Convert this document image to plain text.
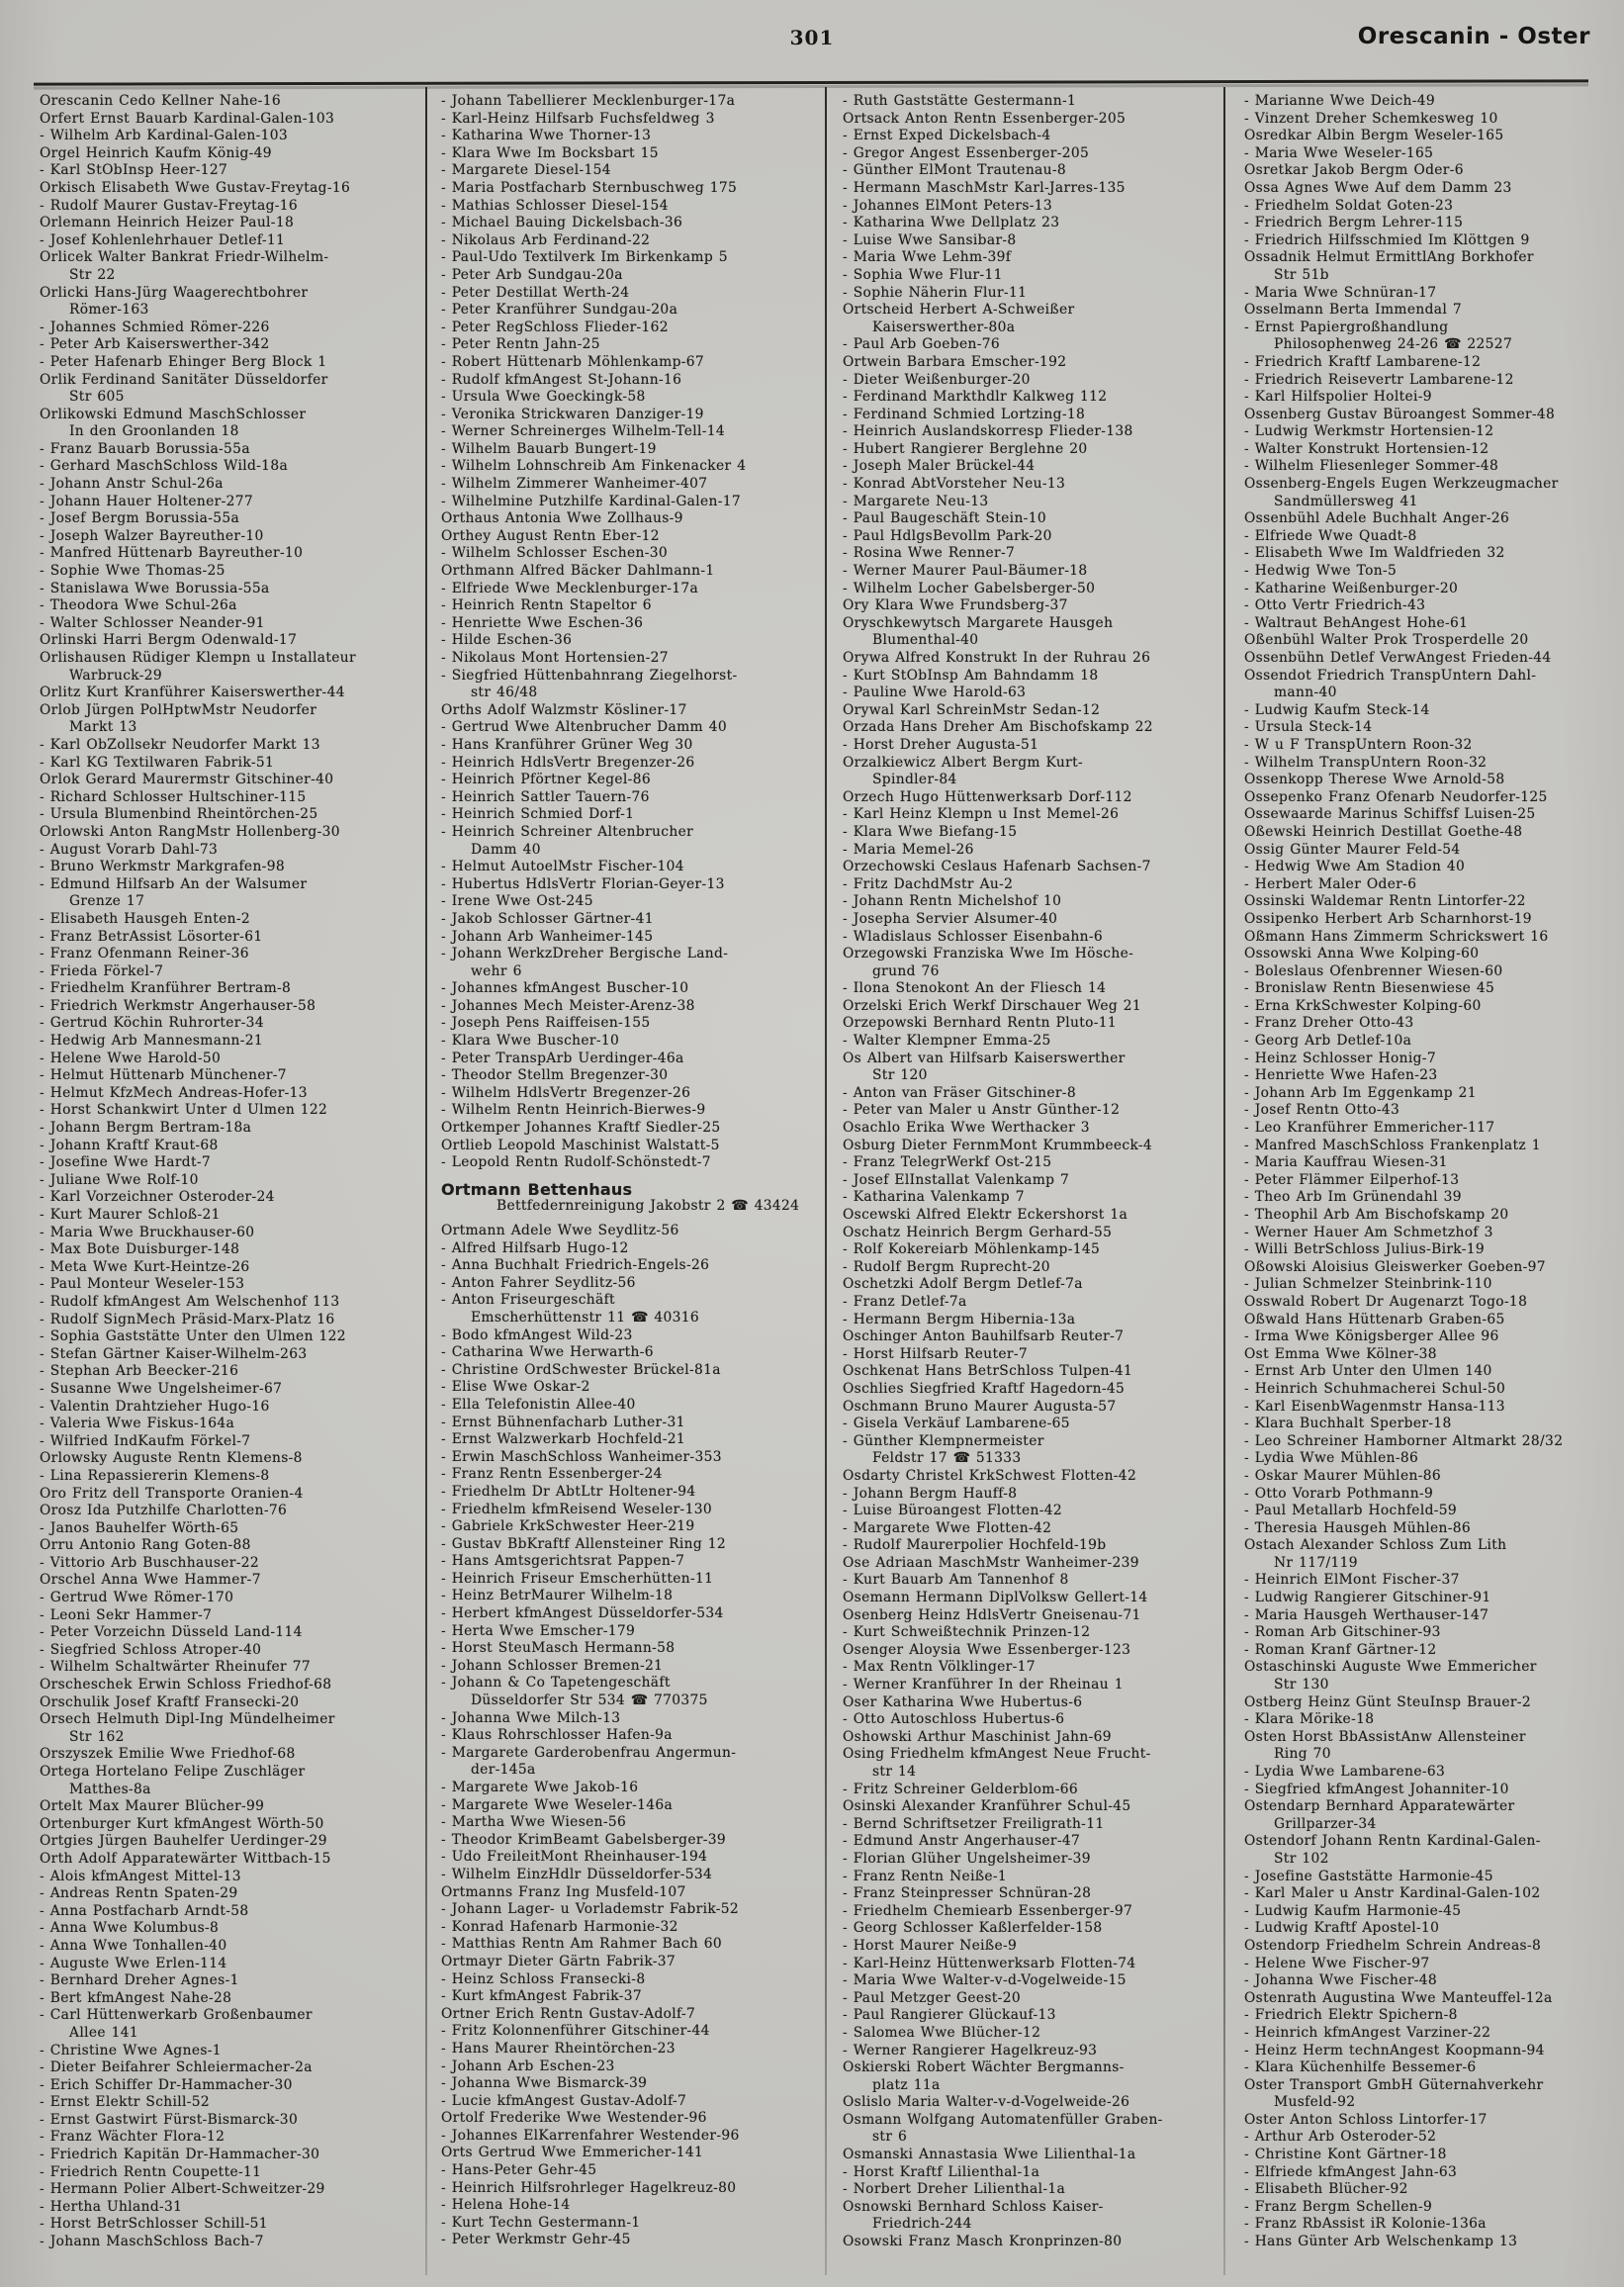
301	Orescanin - Oster
Orescanin Cedo Kellner Nahe-16
Orfert Ernst Bauarb Kardinal-Galen-103
- Wilhelm Arb Kardinal-Galen-103
Orgel Heinrich Kaufm König-49
- Karl StObInsp Heer-127
Orkisch Elisabeth Wwe Gustav-Freytag-16
- Rudolf Maurer Gustav-Freytag-16
Orlemann Heinrich Heizer Paul-18
- Josef Kohlenlehrhauer Detlef-11
Orlicek Walter Bankrat Friedr-Wilhelm-
Str 22
Orlicki Hans-Jürg Waagerechtbohrer
Römer-163
- Johannes Schmied Römer-226
- Peter Arb Kaiserswerther-342
- Peter Hafenarb Ehinger Berg Block 1
Orlik Ferdinand Sanitäter Düsseldorfer
Str 605
Orlikowski Edmund MaschSchlosser
In den Groonlanden 18
- Franz Bauarb Borussia-55a
- Gerhard MaschSchloss Wild-18a
- Johann Anstr Schul-26a
- Johann Hauer Holtener-277
- Josef Bergm Borussia-55a
- Joseph Walzer Bayreuther-10
- Manfred Hüttenarb Bayreuther-10
- Sophie Wwe Thomas-25
- Stanislawa Wwe Borussia-55a
- Theodora Wwe Schul-26a
- Walter Schlosser Neander-91
Orlinski Harri Bergm Odenwald-17
Orlishausen Rüdiger Klempn u Installateur
Warbruck-29
Orlitz Kurt Kranführer Kaiserswerther-44
Orlob Jürgen PolHptwMstr Neudorfer
Markt 13
- Karl ObZollsekr Neudorfer Markt 13
- Karl KG Textilwaren Fabrik-51
Orlok Gerard Maurermstr Gitschiner-40
- Richard Schlosser Hultschiner-115
- Ursula Blumenbind Rheintörchen-25
Orlowski Anton RangMstr Hollenberg-30
- August Vorarb Dahl-73
- Bruno Werkmstr Markgrafen-98
- Edmund Hilfsarb An der Walsumer
Grenze 17
- Elisabeth Hausgeh Enten-2
- Franz BetrAssist Lösorter-61
- Franz Ofenmann Reiner-36
- Frieda Förkel-7
- Friedhelm Kranführer Bertram-8
- Friedrich Werkmstr Angerhauser-58
- Gertrud Köchin Ruhrorter-34
- Hedwig Arb Mannesmann-21
- Helene Wwe Harold-50
- Helmut Hüttenarb Münchener-7
- Helmut KfzMech Andreas-Hofer-13
- Horst Schankwirt Unter d Ulmen 122
- Johann Bergm Bertram-18a
- Johann Kraftf Kraut-68
- Josefine Wwe Hardt-7
- Juliane Wwe Rolf-10
- Karl Vorzeichner Osteroder-24
- Kurt Maurer Schloß-21
- Maria Wwe Bruckhauser-60
- Max Bote Duisburger-148
- Meta Wwe Kurt-Heintze-26
- Paul Monteur Weseler-153
- Rudolf kfmAngest Am Welschenhof 113
- Rudolf SignMech Präsid-Marx-Platz 16
- Sophia Gaststätte Unter den Ulmen 122
- Stefan Gärtner Kaiser-Wilhelm-263
- Stephan Arb Beecker-216
- Susanne Wwe Ungelsheimer-67
- Valentin Drahtzieher Hugo-16
- Valeria Wwe Fiskus-164a
- Wilfried IndKaufm Förkel-7
Orlowsky Auguste Rentn Klemens-8
- Lina Repassiererin Klemens-8
Oro Fritz dell Transporte Oranien-4
Orosz Ida Putzhilfe Charlotten-76
- Janos Bauhelfer Wörth-65
Orru Antonio Rang Goten-88
- Vittorio Arb Buschhauser-22
Orschel Anna Wwe Hammer-7
- Gertrud Wwe Römer-170
- Leoni Sekr Hammer-7
- Peter Vorzeichn Düsseld Land-114
- Siegfried Schloss Atroper-40
- Wilhelm Schaltwärter Rheinufer 77
Orscheschek Erwin Schloss Friedhof-68
Orschulik Josef Kraftf Fransecki-20
Orsech Helmuth Dipl-Ing Mündelheimer
Str 162
Orszyszek Emilie Wwe Friedhof-68
Ortega Hortelano Felipe Zuschläger
Matthes-8a
Ortelt Max Maurer Blücher-99
Ortenburger Kurt kfmAngest Wörth-50
Ortgies Jürgen Bauhelfer Uerdinger-29
Orth Adolf Apparatewärter Wittbach-15
- Alois kfmAngest Mittel-13
- Andreas Rentn Spaten-29
- Anna Postfacharb Arndt-58
- Anna Wwe Kolumbus-8
- Anna Wwe Tonhallen-40
- Auguste Wwe Erlen-114
- Bernhard Dreher Agnes-1
- Bert kfmAngest Nahe-28
- Carl Hüttenwerkarb Großenbaumer
Allee 141
- Christine Wwe Agnes-1
- Dieter Beifahrer Schleiermacher-2a
- Erich Schiffer Dr-Hammacher-30
- Ernst Elektr Schill-52
- Ernst Gastwirt Fürst-Bismarck-30
- Franz Wächter Flora-12
- Friedrich Kapitän Dr-Hammacher-30
- Friedrich Rentn Coupette-11
- Hermann Polier Albert-Schweitzer-29
- Hertha Uhland-31
- Horst BetrSchlosser Schill-51
- Johann MaschSchloss Bach-7
- Johann Tabellierer Mecklenburger-17a
- Karl-Heinz Hilfsarb Fuchsfeldweg 3
- Katharina Wwe Thorner-13
- Klara Wwe Im Bocksbart 15
- Margarete Diesel-154
- Maria Postfacharb Sternbuschweg 175
- Mathias Schlosser Diesel-154
- Michael Bauing Dickelsbach-36
- Nikolaus Arb Ferdinand-22
- Paul-Udo Textilverk Im Birkenkamp 5
- Peter Arb Sundgau-20a
- Peter Destillat Werth-24
- Peter Kranführer Sundgau-20a
- Peter RegSchloss Flieder-162
- Peter Rentn Jahn-25
- Robert Hüttenarb Möhlenkamp-67
- Rudolf kfmAngest St-Johann-16
- Ursula Wwe Goeckingk-58
- Veronika Strickwaren Danziger-19
- Werner Schreinerges Wilhelm-Tell-14
- Wilhelm Bauarb Bungert-19
- Wilhelm Lohnschreib Am Finkenacker 4
- Wilhelm Zimmerer Wanheimer-407
- Wilhelmine Putzhilfe Kardinal-Galen-17
Orthaus Antonia Wwe Zollhaus-9
Orthey August Rentn Eber-12
- Wilhelm Schlosser Eschen-30
Orthmann Alfred Bäcker Dahlmann-1
- Elfriede Wwe Mecklenburger-17a
- Heinrich Rentn Stapeltor 6
- Henriette Wwe Eschen-36
- Hilde Eschen-36
- Nikolaus Mont Hortensien-27
- Siegfried Hüttenbahnrang Ziegelhorst-
str 46/48
Orths Adolf Walzmstr Kösliner-17
- Gertrud Wwe Altenbrucher Damm 40
- Hans Kranführer Grüner Weg 30
- Heinrich HdlsVertr Bregenzer-26
- Heinrich Pförtner Kegel-86
- Heinrich Sattler Tauern-76
- Heinrich Schmied Dorf-1
- Heinrich Schreiner Altenbrucher
Damm 40
- Helmut AutoelMstr Fischer-104
- Hubertus HdlsVertr Florian-Geyer-13
- Irene Wwe Ost-245
- Jakob Schlosser Gärtner-41
- Johann Arb Wanheimer-145
- Johann WerkzDreher Bergische Land-
wehr 6
- Johannes kfmAngest Buscher-10
- Johannes Mech Meister-Arenz-38
- Joseph Pens Raiffeisen-155
- Klara Wwe Buscher-10
- Peter TranspArb Uerdinger-46a
- Theodor Stellm Bregenzer-30
- Wilhelm HdlsVertr Bregenzer-26
- Wilhelm Rentn Heinrich-Bierwes-9
Ortkemper Johannes Kraftf Siedler-25
Ortlieb Leopold Maschinist Walstatt-5
- Leopold Rentn Rudolf-Schönstedt-7
Ortmann Bettenhaus
Bettfedernreinigung Jakobstr 2 ☎ 43424
Ortmann Adele Wwe Seydlitz-56
- Alfred Hilfsarb Hugo-12
- Anna Buchhalt Friedrich-Engels-26
- Anton Fahrer Seydlitz-56
- Anton Friseurgeschäft
Emscherhüttenstr 11 ☎ 40316
- Bodo kfmAngest Wild-23
- Catharina Wwe Herwarth-6
- Christine OrdSchwester Brückel-81a
- Elise Wwe Oskar-2
- Ella Telefonistin Allee-40
- Ernst Bühnenfacharb Luther-31
- Ernst Walzwerkarb Hochfeld-21
- Erwin MaschSchloss Wanheimer-353
- Franz Rentn Essenberger-24
- Friedhelm Dr AbtLtr Holtener-94
- Friedhelm kfmReisend Weseler-130
- Gabriele KrkSchwester Heer-219
- Gustav BbKraftf Allensteiner Ring 12
- Hans Amtsgerichtsrat Pappen-7
- Heinrich Friseur Emscherhütten-11
- Heinz BetrMaurer Wilhelm-18
- Herbert kfmAngest Düsseldorfer-534
- Herta Wwe Emscher-179
- Horst SteuMasch Hermann-58
- Johann Schlosser Bremen-21
- Johann & Co Tapetengeschäft
Düsseldorfer Str 534 ☎ 770375
- Johanna Wwe Milch-13
- Klaus Rohrschlosser Hafen-9a
- Margarete Garderobenfrau Angermun-
der-145a
- Margarete Wwe Jakob-16
- Margarete Wwe Weseler-146a
- Martha Wwe Wiesen-56
- Theodor KrimBeamt Gabelsberger-39
- Udo FreileitMont Rheinhauser-194
- Wilhelm EinzHdlr Düsseldorfer-534
Ortmanns Franz Ing Musfeld-107
- Johann Lager- u Vorlademstr Fabrik-52
- Konrad Hafenarb Harmonie-32
- Matthias Rentn Am Rahmer Bach 60
Ortmayr Dieter Gärtn Fabrik-37
- Heinz Schloss Fransecki-8
- Kurt kfmAngest Fabrik-37
Ortner Erich Rentn Gustav-Adolf-7
- Fritz Kolonnenführer Gitschiner-44
- Hans Maurer Rheintörchen-23
- Johann Arb Eschen-23
- Johanna Wwe Bismarck-39
- Lucie kfmAngest Gustav-Adolf-7
Ortolf Frederike Wwe Westender-96
- Johannes ElKarrenfahrer Westender-96
Orts Gertrud Wwe Emmericher-141
- Hans-Peter Gehr-45
- Heinrich Hilfsrohrleger Hagelkreuz-80
- Helena Hohe-14
- Kurt Techn Gestermann-1
- Peter Werkmstr Gehr-45
- Ruth Gaststätte Gestermann-1
Ortsack Anton Rentn Essenberger-205
- Ernst Exped Dickelsbach-4
- Gregor Angest Essenberger-205
- Günther ElMont Trautenau-8
- Hermann MaschMstr Karl-Jarres-135
- Johannes ElMont Peters-13
- Katharina Wwe Dellplatz 23
- Luise Wwe Sansibar-8
- Maria Wwe Lehm-39f
- Sophia Wwe Flur-11
- Sophie Näherin Flur-11
Ortscheid Herbert A-Schweißer
Kaiserswerther-80a
- Paul Arb Goeben-76
Ortwein Barbara Emscher-192
- Dieter Weißenburger-20
- Ferdinand Markthdlr Kalkweg 112
- Ferdinand Schmied Lortzing-18
- Heinrich Auslandskorresp Flieder-138
- Hubert Rangierer Berglehne 20
- Joseph Maler Brückel-44
- Konrad AbtVorsteher Neu-13
- Margarete Neu-13
- Paul Baugeschäft Stein-10
- Paul HdlgsBevollm Park-20
- Rosina Wwe Renner-7
- Werner Maurer Paul-Bäumer-18
- Wilhelm Locher Gabelsberger-50
Ory Klara Wwe Frundsberg-37
Oryschkewytsch Margarete Hausgeh
Blumenthal-40
Orywa Alfred Konstrukt In der Ruhrau 26
- Kurt StObInsp Am Bahndamm 18
- Pauline Wwe Harold-63
Orywal Karl SchreinMstr Sedan-12
Orzada Hans Dreher Am Bischofskamp 22
- Horst Dreher Augusta-51
Orzalkiewicz Albert Bergm Kurt-
Spindler-84
Orzech Hugo Hüttenwerksarb Dorf-112
- Karl Heinz Klempn u Inst Memel-26
- Klara Wwe Biefang-15
- Maria Memel-26
Orzechowski Ceslaus Hafenarb Sachsen-7
- Fritz DachdMstr Au-2
- Johann Rentn Michelshof 10
- Josepha Servier Alsumer-40
- Wladislaus Schlosser Eisenbahn-6
Orzegowski Franziska Wwe Im Hösche-
grund 76
- Ilona Stenokont An der Fliesch 14
Orzelski Erich Werkf Dirschauer Weg 21
Orzepowski Bernhard Rentn Pluto-11
- Walter Klempner Emma-25
Os Albert van Hilfsarb Kaiserswerther
Str 120
- Anton van Fräser Gitschiner-8
- Peter van Maler u Anstr Günther-12
Osachlo Erika Wwe Werthacker 3
Osburg Dieter FernmMont Krummbeeck-4
- Franz TelegrWerkf Ost-215
- Josef ElInstallat Valenkamp 7
- Katharina Valenkamp 7
Oscewski Alfred Elektr Eckershorst 1a
Oschatz Heinrich Bergm Gerhard-55
- Rolf Kokereiarb Möhlenkamp-145
- Rudolf Bergm Ruprecht-20
Oschetzki Adolf Bergm Detlef-7a
- Franz Detlef-7a
- Hermann Bergm Hibernia-13a
Oschinger Anton Bauhilfsarb Reuter-7
- Horst Hilfsarb Reuter-7
Oschkenat Hans BetrSchloss Tulpen-41
Oschlies Siegfried Kraftf Hagedorn-45
Oschmann Bruno Maurer Augusta-57
- Gisela Verkäuf Lambarene-65
- Günther Klempnermeister
Feldstr 17 ☎ 51333
Osdarty Christel KrkSchwest Flotten-42
- Johann Bergm Hauff-8
- Luise Büroangest Flotten-42
- Margarete Wwe Flotten-42
- Rudolf Maurerpolier Hochfeld-19b
Ose Adriaan MaschMstr Wanheimer-239
- Kurt Bauarb Am Tannenhof 8
Osemann Hermann DiplVolksw Gellert-14
Osenberg Heinz HdlsVertr Gneisenau-71
- Kurt Schweißtechnik Prinzen-12
Osenger Aloysia Wwe Essenberger-123
- Max Rentn Völklinger-17
- Werner Kranführer In der Rheinau 1
Oser Katharina Wwe Hubertus-6
- Otto Autoschloss Hubertus-6
Oshowski Arthur Maschinist Jahn-69
Osing Friedhelm kfmAngest Neue Frucht-
str 14
- Fritz Schreiner Gelderblom-66
Osinski Alexander Kranführer Schul-45
- Bernd Schriftsetzer Freiligrath-11
- Edmund Anstr Angerhauser-47
- Florian Glüher Ungelsheimer-39
- Franz Rentn Neiße-1
- Franz Steinpresser Schnüran-28
- Friedhelm Chemiearb Essenberger-97
- Georg Schlosser Kaßlerfelder-158
- Horst Maurer Neiße-9
- Karl-Heinz Hüttenwerksarb Flotten-74
- Maria Wwe Walter-v-d-Vogelweide-15
- Paul Metzger Geest-20
- Paul Rangierer Glückauf-13
- Salomea Wwe Blücher-12
- Werner Rangierer Hagelkreuz-93
Oskierski Robert Wächter Bergmanns-
platz 11a
Oslislo Maria Walter-v-d-Vogelweide-26
Osmann Wolfgang Automatenfüller Graben-
str 6
Osmanski Annastasia Wwe Lilienthal-1a
- Horst Kraftf Lilienthal-1a
- Norbert Dreher Lilienthal-1a
Osnowski Bernhard Schloss Kaiser-
Friedrich-244
Osowski Franz Masch Kronprinzen-80
- Marianne Wwe Deich-49
- Vinzent Dreher Schemkesweg 10
Osredkar Albin Bergm Weseler-165
- Maria Wwe Weseler-165
Osretkar Jakob Bergm Oder-6
Ossa Agnes Wwe Auf dem Damm 23
- Friedhelm Soldat Goten-23
- Friedrich Bergm Lehrer-115
- Friedrich Hilfsschmied Im Klöttgen 9
Ossadnik Helmut ErmittlAng Borkhofer
Str 51b
- Maria Wwe Schnüran-17
Osselmann Berta Immendal 7
- Ernst Papiergroßhandlung
Philosophenweg 24-26 ☎ 22527
- Friedrich Kraftf Lambarene-12
- Friedrich Reisevertr Lambarene-12
- Karl Hilfspolier Holtei-9
Ossenberg Gustav Büroangest Sommer-48
- Ludwig Werkmstr Hortensien-12
- Walter Konstrukt Hortensien-12
- Wilhelm Fliesenleger Sommer-48
Ossenberg-Engels Eugen Werkzeugmacher
Sandmüllersweg 41
Ossenbühl Adele Buchhalt Anger-26
- Elfriede Wwe Quadt-8
- Elisabeth Wwe Im Waldfrieden 32
- Hedwig Wwe Ton-5
- Katharine Weißenburger-20
- Otto Vertr Friedrich-43
- Waltraut BehAngest Hohe-61
Oßenbühl Walter Prok Trosperdelle 20
Ossenbühn Detlef VerwAngest Frieden-44
Ossendot Friedrich TranspUntern Dahl-
mann-40
- Ludwig Kaufm Steck-14
- Ursula Steck-14
- W u F TranspUntern Roon-32
- Wilhelm TranspUntern Roon-32
Ossenkopp Therese Wwe Arnold-58
Ossepenko Franz Ofenarb Neudorfer-125
Ossewaarde Marinus Schiffsf Luisen-25
Oßewski Heinrich Destillat Goethe-48
Ossig Günter Maurer Feld-54
- Hedwig Wwe Am Stadion 40
- Herbert Maler Oder-6
Ossinski Waldemar Rentn Lintorfer-22
Ossipenko Herbert Arb Scharnhorst-19
Oßmann Hans Zimmerm Schrickswert 16
Ossowski Anna Wwe Kolping-60
- Boleslaus Ofenbrenner Wiesen-60
- Bronislaw Rentn Biesenwiese 45
- Erna KrkSchwester Kolping-60
- Franz Dreher Otto-43
- Georg Arb Detlef-10a
- Heinz Schlosser Honig-7
- Henriette Wwe Hafen-23
- Johann Arb Im Eggenkamp 21
- Josef Rentn Otto-43
- Leo Kranführer Emmericher-117
- Manfred MaschSchloss Frankenplatz 1
- Maria Kauffrau Wiesen-31
- Peter Flämmer Eilperhof-13
- Theo Arb Im Grünendahl 39
- Theophil Arb Am Bischofskamp 20
- Werner Hauer Am Schmetzhof 3
- Willi BetrSchloss Julius-Birk-19
Oßowski Aloisius Gleiswerker Goeben-97
- Julian Schmelzer Steinbrink-110
Osswald Robert Dr Augenarzt Togo-18
Oßwald Hans Hüttenarb Graben-65
- Irma Wwe Königsberger Allee 96
Ost Emma Wwe Kölner-38
- Ernst Arb Unter den Ulmen 140
- Heinrich Schuhmacherei Schul-50
- Karl EisenbWagenmstr Hansa-113
- Klara Buchhalt Sperber-18
- Leo Schreiner Hamborner Altmarkt 28/32
- Lydia Wwe Mühlen-86
- Oskar Maurer Mühlen-86
- Otto Vorarb Pothmann-9
- Paul Metallarb Hochfeld-59
- Theresia Hausgeh Mühlen-86
Ostach Alexander Schloss Zum Lith
Nr 117/119
- Heinrich ElMont Fischer-37
- Ludwig Rangierer Gitschiner-91
- Maria Hausgeh Werthauser-147
- Roman Arb Gitschiner-93
- Roman Kranf Gärtner-12
Ostaschinski Auguste Wwe Emmericher
Str 130
Ostberg Heinz Günt SteuInsp Brauer-2
- Klara Mörike-18
Osten Horst BbAssistAnw Allensteiner
Ring 70
- Lydia Wwe Lambarene-63
- Siegfried kfmAngest Johanniter-10
Ostendarp Bernhard Apparatewärter
Grillparzer-34
Ostendorf Johann Rentn Kardinal-Galen-
Str 102
- Josefine Gaststätte Harmonie-45
- Karl Maler u Anstr Kardinal-Galen-102
- Ludwig Kaufm Harmonie-45
- Ludwig Kraftf Apostel-10
Ostendorp Friedhelm Schrein Andreas-8
- Helene Wwe Fischer-97
- Johanna Wwe Fischer-48
Ostenrath Augustina Wwe Manteuffel-12a
- Friedrich Elektr Spichern-8
- Heinrich kfmAngest Varziner-22
- Heinz Herm technAngest Koopmann-94
- Klara Küchenhilfe Bessemer-6
Oster Transport GmbH Güternahverkehr
Musfeld-92
Oster Anton Schloss Lintorfer-17
- Arthur Arb Osteroder-52
- Christine Kont Gärtner-18
- Elfriede kfmAngest Jahn-63
- Elisabeth Blücher-92
- Franz Bergm Schellen-9
- Franz RbAssist iR Kolonie-136a
- Hans Günter Arb Welschenkamp 13
